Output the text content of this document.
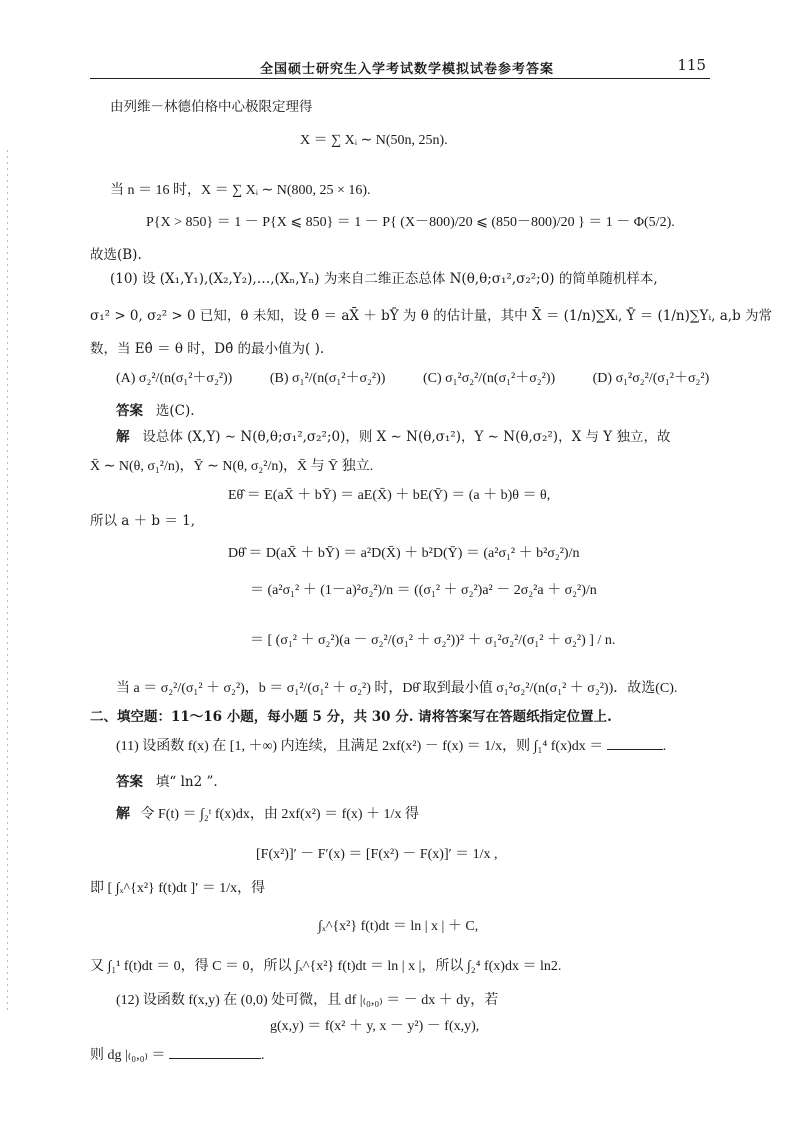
全国硕士研究生入学考试数学模拟试卷参考答案	115
由列维－林德伯格中心极限定理得
X ＝ ∑ Xᵢ ∼ N(50n, 25n).
当 n ＝ 16 时，X ＝ ∑ Xᵢ ∼ N(800, 25 × 16).
P{X > 850} ＝ 1 － P{X ⩽ 850} ＝ 1 － P{ (X－800)/20 ⩽ (850－800)/20 } ＝ 1 － Φ(5/2).
故选(B).
(10) 设 (X₁,Y₁),(X₂,Y₂),…,(Xₙ,Yₙ) 为来自二维正态总体 N(θ,θ;σ₁²,σ₂²;0) 的简单随机样本,
σ₁² > 0, σ₂² > 0 已知，θ 未知，设 θ̂ ＝ aX̄ ＋ bȲ 为 θ 的估计量，其中 X̄ ＝ (1/n)∑Xᵢ, Ȳ ＝ (1/n)∑Yᵢ, a,b 为常
数，当 Eθ̂ ＝ θ 时，Dθ̂ 的最小值为( ).
(A) σ₂²/(n(σ₁²＋σ₂²))	(B) σ₁²/(n(σ₁²＋σ₂²))	(C) σ₁²σ₂²/(n(σ₁²＋σ₂²))	(D) σ₁²σ₂²/(σ₁²＋σ₂²)
答案 选(C).
解 设总体 (X,Y) ∼ N(θ,θ;σ₁²,σ₂²;0)，则 X ∼ N(θ,σ₁²)，Y ∼ N(θ,σ₂²)，X 与 Y 独立，故
X̄ ∼ N(θ, σ₁²/n)，Ȳ ∼ N(θ, σ₂²/n)，X̄ 与 Ȳ 独立.
Eθ̂ ＝ E(aX̄ ＋ bȲ) ＝ aE(X̄) ＋ bE(Ȳ) ＝ (a ＋ b)θ ＝ θ,
所以 a ＋ b ＝ 1,
Dθ̂ ＝ D(aX̄ ＋ bȲ) ＝ a²D(X̄) ＋ b²D(Ȳ) ＝ (a²σ₁² ＋ b²σ₂²)/n
＝ (a²σ₁² ＋ (1－a)²σ₂²)/n ＝ ((σ₁² ＋ σ₂²)a² － 2σ₂²a ＋ σ₂²)/n
＝ [ (σ₁² ＋ σ₂²)(a － σ₂²/(σ₁² ＋ σ₂²))² ＋ σ₁²σ₂²/(σ₁² ＋ σ₂²) ] / n.
当 a ＝ σ₂²/(σ₁² ＋ σ₂²)，b ＝ σ₁²/(σ₁² ＋ σ₂²) 时，Dθ̂ 取到最小值 σ₁²σ₂²/(n(σ₁² ＋ σ₂²))．故选(C).
二、填空题：11～16 小题，每小题 5 分，共 30 分. 请将答案写在答题纸指定位置上.
(11) 设函数 f(x) 在 [1, ＋∞) 内连续，且满足 2xf(x²) － f(x) ＝ 1/x，则 ∫₁⁴ f(x)dx ＝	.
答案 填“ ln2 ”.
解 令 F(t) ＝ ∫₂ᵗ f(x)dx，由 2xf(x²) ＝ f(x) ＋ 1/x 得
[F(x²)]′ － F′(x) ＝ [F(x²) － F(x)]′ ＝ 1/x ,
即 [ ∫ₓ^{x²} f(t)dt ]′ ＝ 1/x，得
∫ₓ^{x²} f(t)dt ＝ ln | x | ＋ C,
又 ∫₁¹ f(t)dt ＝ 0，得 C ＝ 0，所以 ∫ₓ^{x²} f(t)dt ＝ ln | x |，所以 ∫₂⁴ f(x)dx ＝ ln2.
(12) 设函数 f(x,y) 在 (0,0) 处可微，且 df |₍₀,₀₎ ＝ － dx ＋ dy，若
g(x,y) ＝ f(x² ＋ y, x － y²) － f(x,y),
则 dg |₍₀,₀₎ ＝	.
